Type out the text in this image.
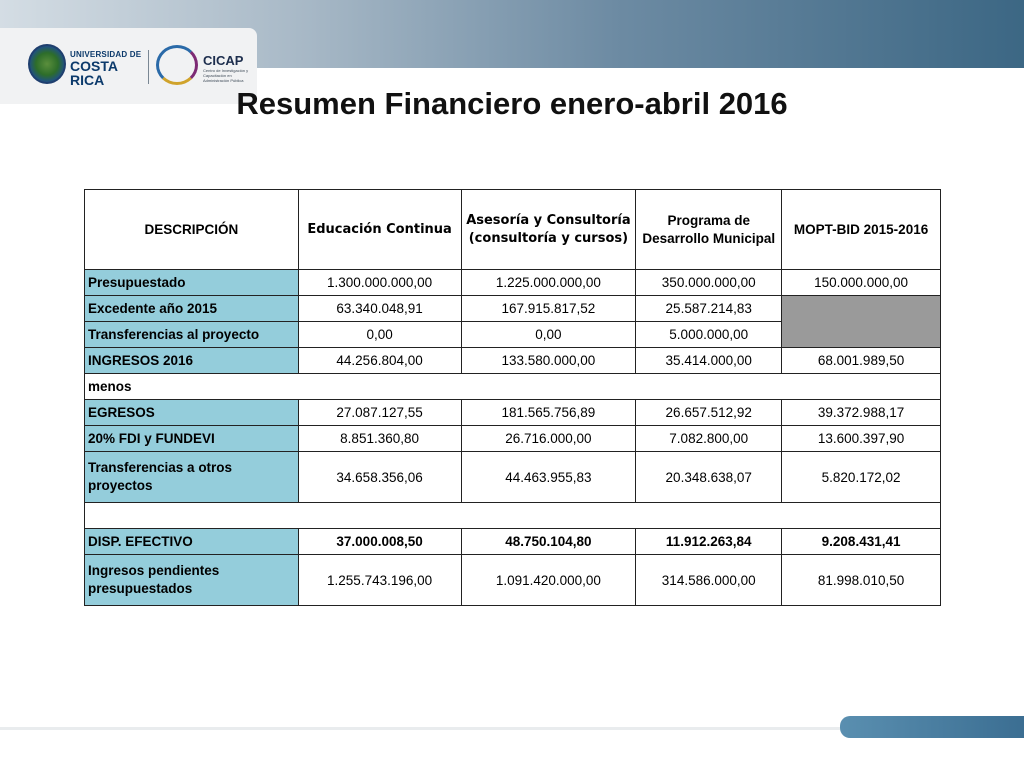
UNIVERSIDAD DE
COSTA RICA
CICAP
Centro de Investigación y Capacitación en Administración Pública
Resumen Financiero enero-abril 2016
DESCRIPCIÓN	Educación Continua	Asesoría y Consultoría (consultoría y cursos)	Programa de Desarrollo Municipal	MOPT-BID 2015-2016
Presupuestado	1.300.000.000,00	1.225.000.000,00	350.000.000,00	150.000.000,00
Excedente año 2015	63.340.048,91	167.915.817,52	25.587.214,83	
Transferencias al proyecto	0,00	0,00	5.000.000,00	
INGRESOS 2016	44.256.804,00	133.580.000,00	35.414.000,00	68.001.989,50
menos				
EGRESOS	27.087.127,55	181.565.756,89	26.657.512,92	39.372.988,17
20% FDI y FUNDEVI	8.851.360,80	26.716.000,00	7.082.800,00	13.600.397,90
Transferencias a otros proyectos	34.658.356,06	44.463.955,83	20.348.638,07	5.820.172,02

DISP. EFECTIVO	37.000.008,50	48.750.104,80	11.912.263,84	9.208.431,41
Ingresos pendientes presupuestados	1.255.743.196,00	1.091.420.000,00	314.586.000,00	81.998.010,50
